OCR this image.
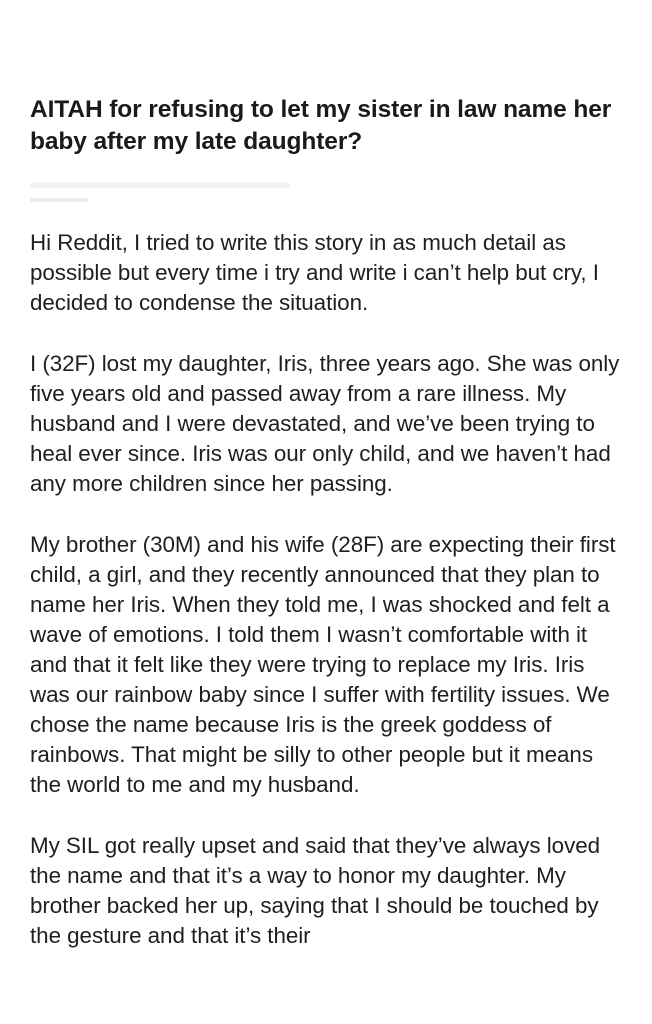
AITAH for refusing to let my sister in law name her baby after my late daughter?

Hi Reddit, I tried to write this story in as much detail as possible but every time i try and write i can’t help but cry, I decided to condense the situation.

I (32F) lost my daughter, Iris, three years ago. She was only five years old and passed away from a rare illness. My husband and I were devastated, and we’ve been trying to heal ever since. Iris was our only child, and we haven’t had any more children since her passing.

My brother (30M) and his wife (28F) are expecting their first child, a girl, and they recently announced that they plan to name her Iris. When they told me, I was shocked and felt a wave of emotions. I told them I wasn’t comfortable with it and that it felt like they were trying to replace my Iris. Iris was our rainbow baby since I suffer with fertility issues. We chose the name because Iris is the greek goddess of rainbows. That might be silly to other people but it means the world to me and my husband.

My SIL got really upset and said that they’ve always loved the name and that it’s a way to honor my daughter. My brother backed her up, saying that I should be touched by the gesture and that it’s their
